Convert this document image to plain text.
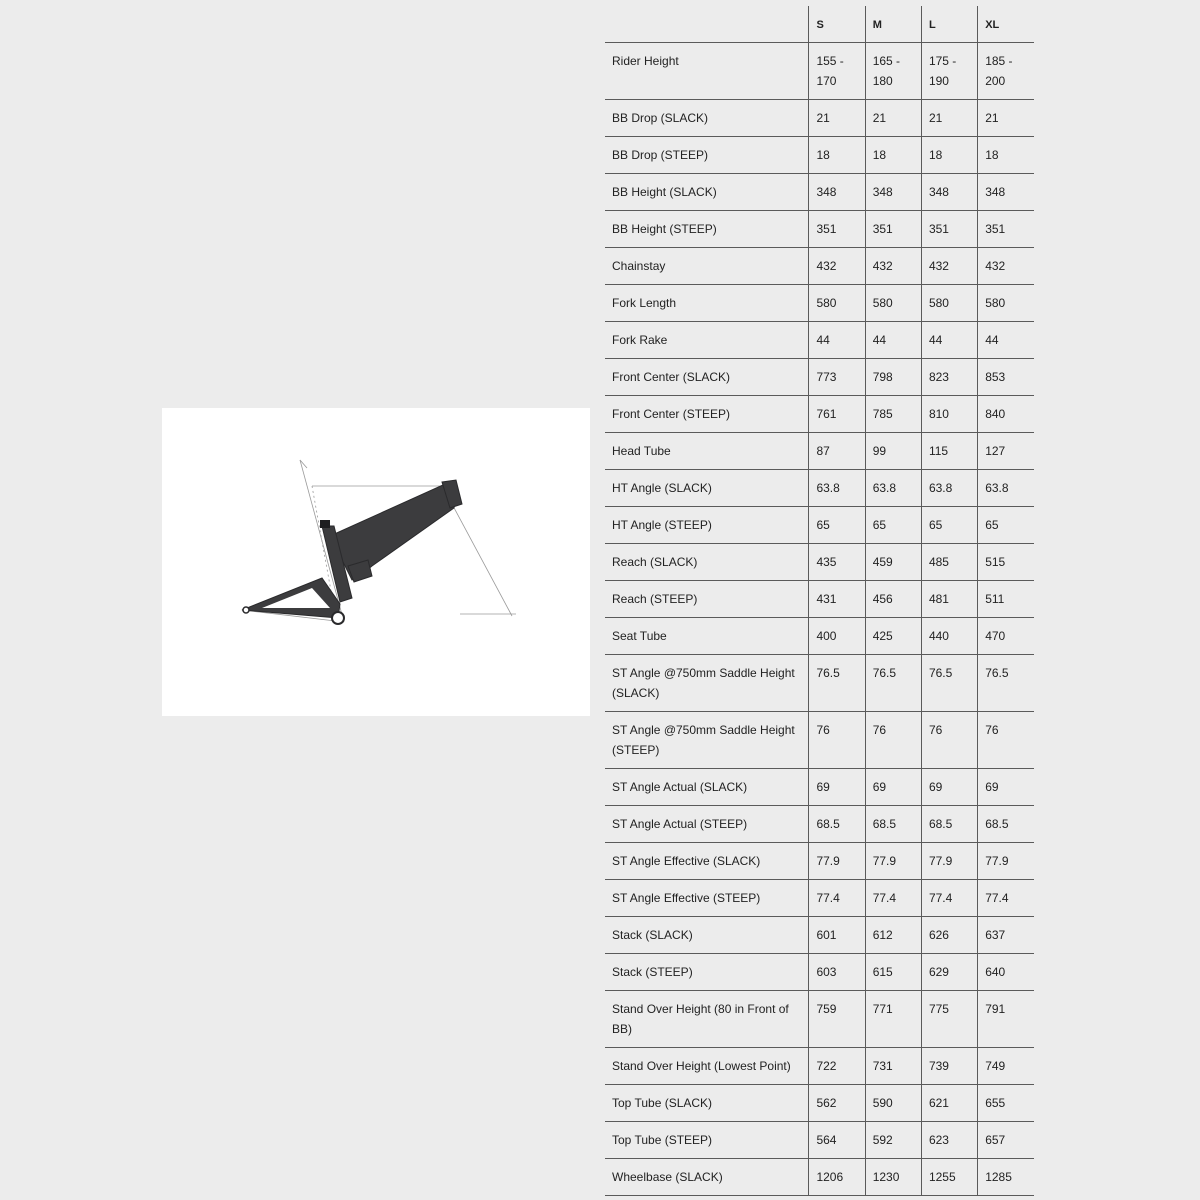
	S	M	L	XL
Rider Height	155 - 170	165 - 180	175 - 190	185 - 200
BB Drop (SLACK)	21	21	21	21
BB Drop (STEEP)	18	18	18	18
BB Height (SLACK)	348	348	348	348
BB Height (STEEP)	351	351	351	351
Chainstay	432	432	432	432
Fork Length	580	580	580	580
Fork Rake	44	44	44	44
Front Center (SLACK)	773	798	823	853
Front Center (STEEP)	761	785	810	840
Head Tube	87	99	115	127
HT Angle (SLACK)	63.8	63.8	63.8	63.8
HT Angle (STEEP)	65	65	65	65
Reach (SLACK)	435	459	485	515
Reach (STEEP)	431	456	481	511
Seat Tube	400	425	440	470
ST Angle @750mm Saddle Height (SLACK)	76.5	76.5	76.5	76.5
ST Angle @750mm Saddle Height (STEEP)	76	76	76	76
ST Angle Actual (SLACK)	69	69	69	69
ST Angle Actual (STEEP)	68.5	68.5	68.5	68.5
ST Angle Effective (SLACK)	77.9	77.9	77.9	77.9
ST Angle Effective (STEEP)	77.4	77.4	77.4	77.4
Stack (SLACK)	601	612	626	637
Stack (STEEP)	603	615	629	640
Stand Over Height (80 in Front of BB)	759	771	775	791
Stand Over Height (Lowest Point)	722	731	739	749
Top Tube (SLACK)	562	590	621	655
Top Tube (STEEP)	564	592	623	657
Wheelbase (SLACK)	1206	1230	1255	1285
